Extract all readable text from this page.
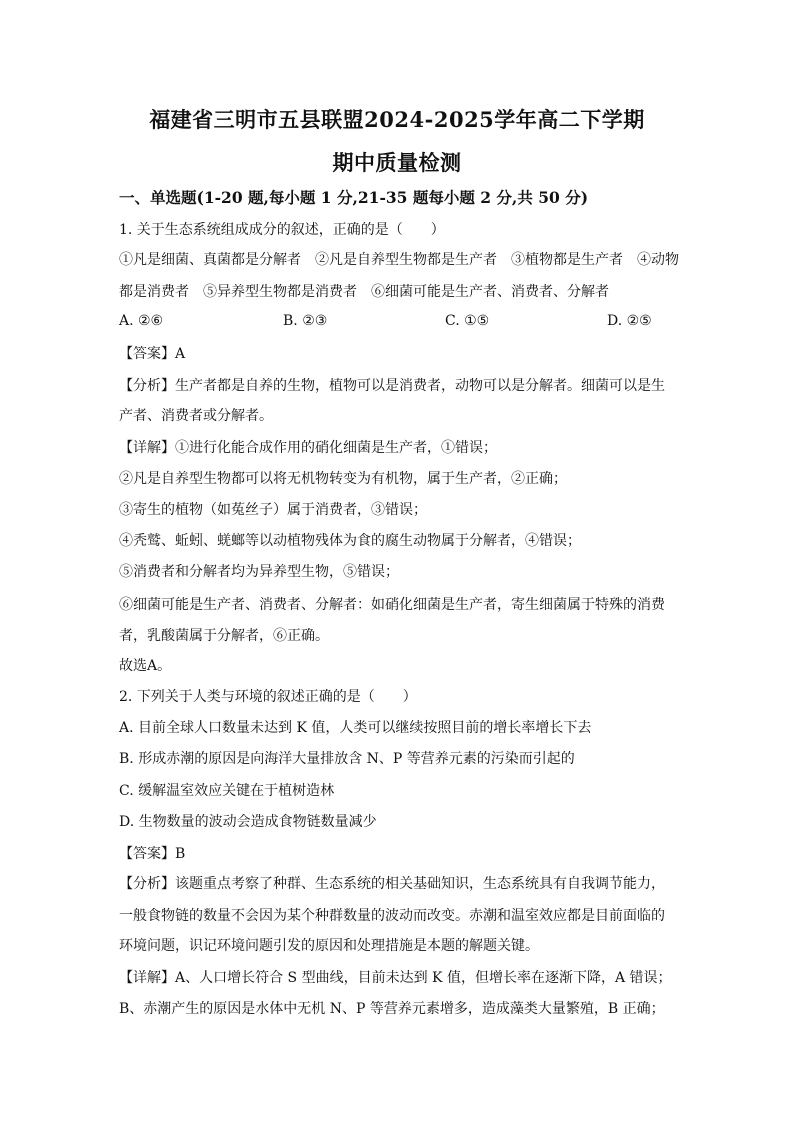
福建省三明市五县联盟2024-2025学年高二下学期
期中质量检测
一、单选题(1-20 题,每小题 1 分,21-35 题每小题 2 分,共 50 分)
1. 关于生态系统组成成分的叙述，正确的是（　　）
①凡是细菌、真菌都是分解者　②凡是自养型生物都是生产者　③植物都是生产者　④动物
都是消费者　⑤异养型生物都是消费者　⑥细菌可能是生产者、消费者、分解者
A. ②⑥	B. ②③	C. ①⑤	D. ②⑤
【答案】A
【分析】生产者都是自养的生物，植物可以是消费者，动物可以是分解者。细菌可以是生
产者、消费者或分解者。
【详解】①进行化能合成作用的硝化细菌是生产者，①错误；
②凡是自养型生物都可以将无机物转变为有机物，属于生产者，②正确；
③寄生的植物（如菟丝子）属于消费者，③错误；
④秃鹫、蚯蚓、蜣螂等以动植物残体为食的腐生动物属于分解者，④错误；
⑤消费者和分解者均为异养型生物，⑤错误；
⑥细菌可能是生产者、消费者、分解者：如硝化细菌是生产者，寄生细菌属于特殊的消费
者，乳酸菌属于分解者，⑥正确。
故选A。
2. 下列关于人类与环境的叙述正确的是（　　）
A. 目前全球人口数量未达到 K 值，人类可以继续按照目前的增长率增长下去
B. 形成赤潮的原因是向海洋大量排放含 N、P 等营养元素的污染而引起的
C. 缓解温室效应关键在于植树造林
D. 生物数量的波动会造成食物链数量减少
【答案】B
【分析】该题重点考察了种群、生态系统的相关基础知识，生态系统具有自我调节能力，
一般食物链的数量不会因为某个种群数量的波动而改变。赤潮和温室效应都是目前面临的
环境问题，识记环境问题引发的原因和处理措施是本题的解题关键。
【详解】A、人口增长符合 S 型曲线，目前未达到 K 值，但增长率在逐渐下降，A 错误；
B、赤潮产生的原因是水体中无机 N、P 等营养元素增多，造成藻类大量繁殖，B 正确；
